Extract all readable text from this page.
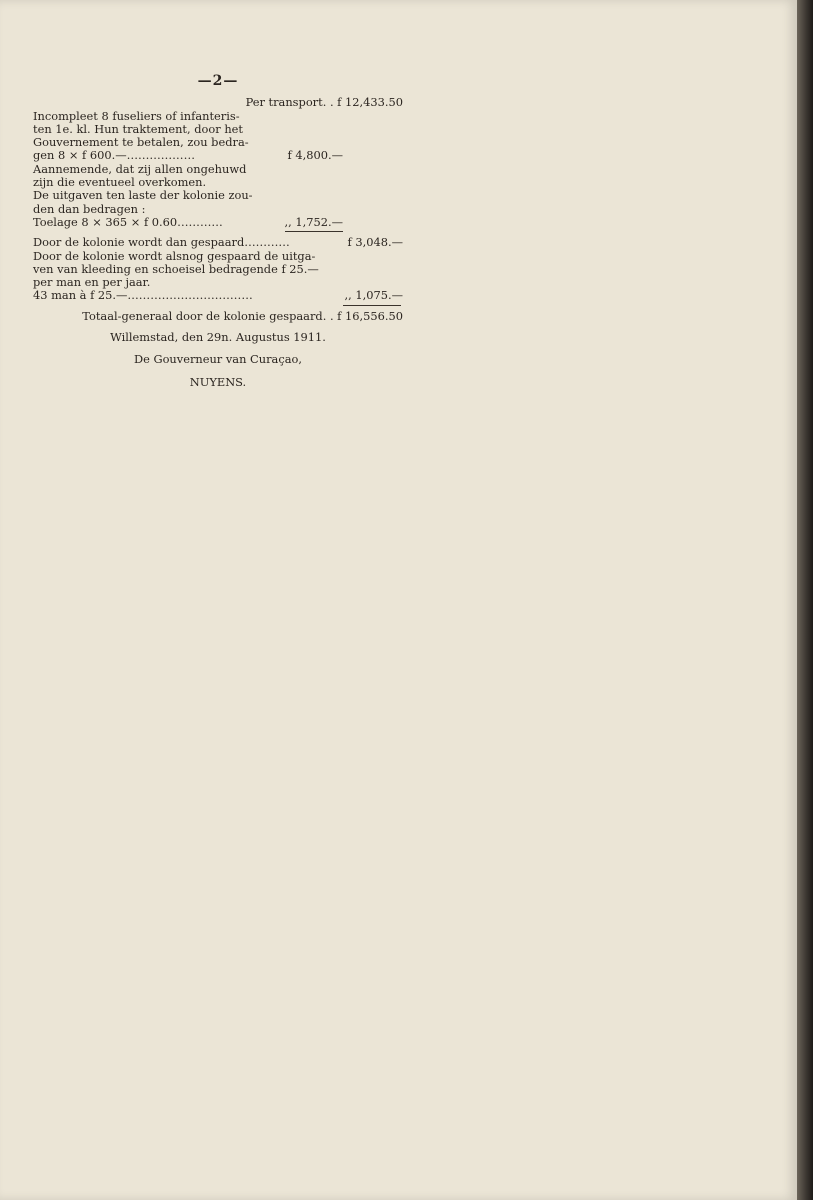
—2—
Per transport. . f 12,433.50
Incompleet 8 fuseliers of infanteris-
ten 1e. kl. Hun traktement, door het
Gouvernement te betalen, zou bedra-
gen 8 × f 600.—………………	f 4,800.—
Aannemende, dat zij allen ongehuwd
zijn die eventueel overkomen.
De uitgaven ten laste der kolonie zou-
den dan bedragen :
Toelage 8 × 365 × f 0.60…………	,, 1,752.—
Door de kolonie wordt dan gespaard…………	f 3,048.—
Door de kolonie wordt alsnog gespaard de uitga-
ven van kleeding en schoeisel bedragende f 25.—
per man en per jaar.
43 man à f 25.—……………………………	,, 1,075.—
Totaal-generaal door de kolonie gespaard. . f 16,556.50
Willemstad, den 29n. Augustus 1911.
De Gouverneur van Curaçao,
NUYENS.
